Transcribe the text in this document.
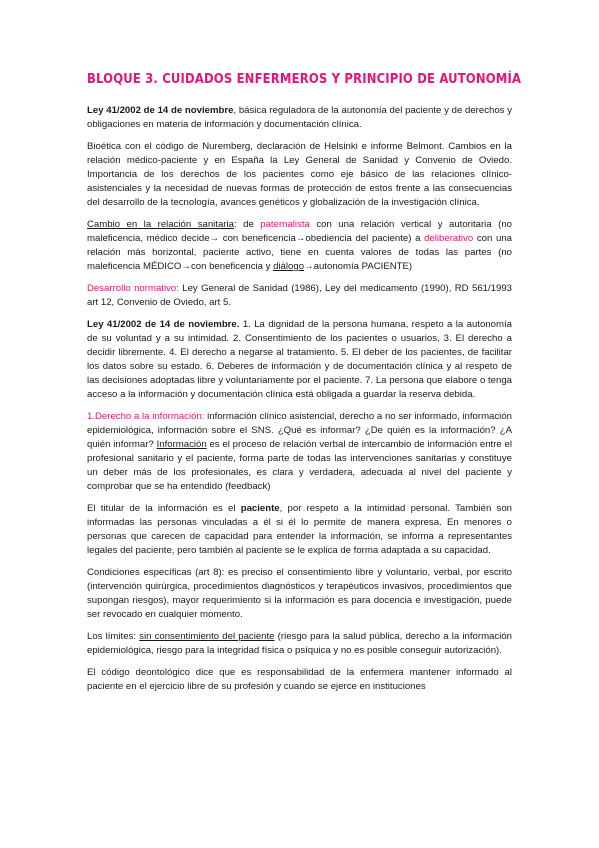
BLOQUE 3. CUIDADOS ENFERMEROS Y PRINCIPIO DE AUTONOMÍA

Ley 41/2002 de 14 de noviembre, básica reguladora de la autonomía del paciente y de derechos y obligaciones en materia de información y documentación clínica.

Bioética con el código de Nuremberg, declaración de Helsinki e informe Belmont. Cambios en la relación médico-paciente y en España la Ley General de Sanidad y Convenio de Oviedo. Importancia de los derechos de los pacientes como eje básico de las relaciones clínico-asistenciales y la necesidad de nuevas formas de protección de estos frente a las consecuencias del desarrollo de la tecnología, avances genéticos y globalización de la investigación clínica.

Cambio en la relación sanitaria: de paternalista con una relación vertical y autoritaria (no maleficencia, médico decide→ con beneficencia→obediencia del paciente) a deliberativo con una relación más horizontal, paciente activo, tiene en cuenta valores de todas las partes (no maleficencia MÉDICO→con beneficencia y diálogo→autonomía PACIENTE)

Desarrollo normativo: Ley General de Sanidad (1986), Ley del medicamento (1990), RD 561/1993 art 12, Convenio de Oviedo, art 5.

Ley 41/2002 de 14 de noviembre. 1. La dignidad de la persona humana, respeto a la autonomía de su voluntad y a su intimidad. 2. Consentimiento de los pacientes o usuarios, 3. El derecho a decidir libremente. 4. El derecho a negarse al tratamiento. 5. El deber de los pacientes, de facilitar los datos sobre su estado. 6. Deberes de información y de documentación clínica y al respeto de las decisiones adoptadas libre y voluntariamente por el paciente. 7. La persona que elabore o tenga acceso a la información y documentación clínica está obligada a guardar la reserva debida.

1.Derecho a la información: información clínico asistencial, derecho a no ser informado, información epidemiológica, información sobre el SNS. ¿Qué es informar? ¿De quién es la información? ¿A quién informar? Información es el proceso de relación verbal de intercambio de información entre el profesional sanitario y el paciente, forma parte de todas las intervenciones sanitarias y constituye un deber más de los profesionales, es clara y verdadera, adecuada al nivel del paciente y comprobar que se ha entendido (feedback)

El titular de la información es el paciente, por respeto a la intimidad personal. También son informadas las personas vinculadas a él si él lo permite de manera expresa. En menores o personas que carecen de capacidad para entender la información, se informa a representantes legales del paciente, pero también al paciente se le explica de forma adaptada a su capacidad.

Condiciones específicas (art 8): es preciso el consentimiento libre y voluntario, verbal, por escrito (intervención quirúrgica, procedimientos diagnósticos y terapéuticos invasivos, procedimientos que supongan riesgos), mayor requerimiento si la información es para docencia e investigación, puede ser revocado en cualquier momento.

Los límites: sin consentimiento del paciente (riesgo para la salud pública, derecho a la información epidemiológica, riesgo para la integridad física o psíquica y no es posible conseguir autorización).

El código deontológico dice que es responsabilidad de la enfermera mantener informado al paciente en el ejercicio libre de su profesión y cuando se ejerce en instituciones
